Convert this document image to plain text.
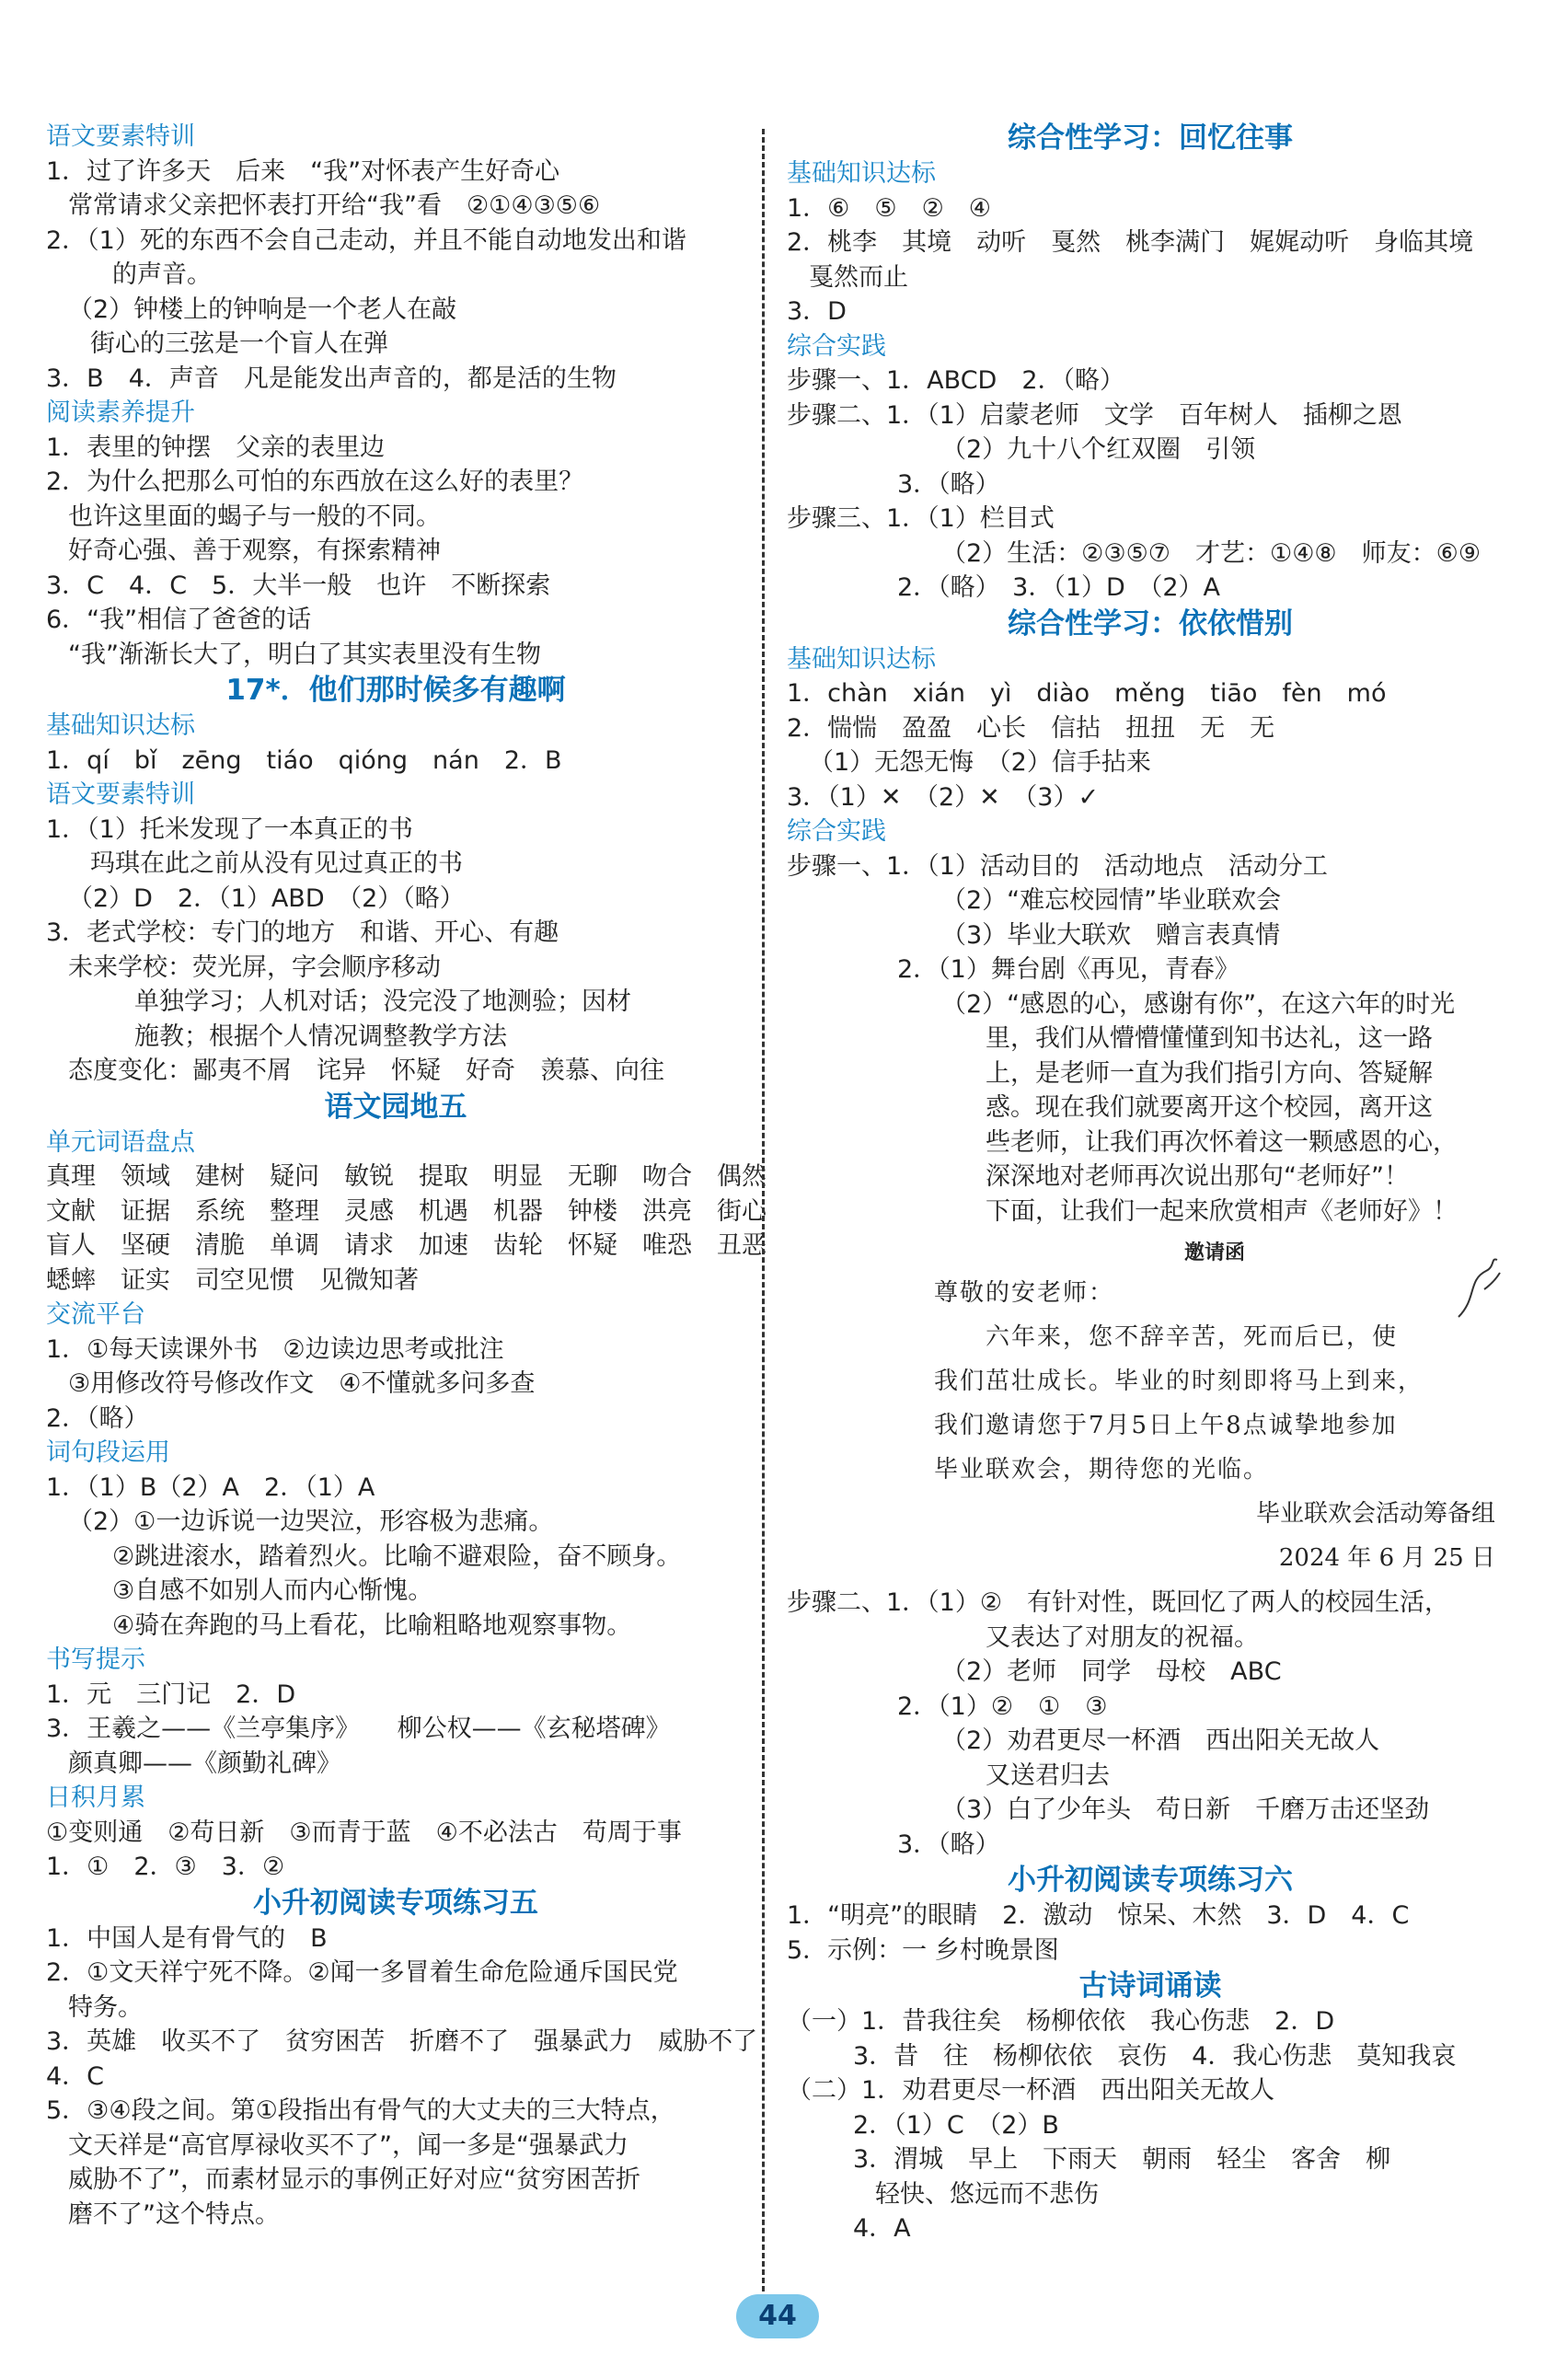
语文要素特训
1．过了许多天　后来　“我”对怀表产生好奇心
常常请求父亲把怀表打开给“我”看　②①④③⑤⑥
2．（1）死的东西不会自己走动，并且不能自动地发出和谐
的声音。
（2）钟楼上的钟响是一个老人在敲
街心的三弦是一个盲人在弹
3．B　4．声音　凡是能发出声音的，都是活的生物
阅读素养提升
1．表里的钟摆　父亲的表里边
2．为什么把那么可怕的东西放在这么好的表里？
也许这里面的蝎子与一般的不同。
好奇心强、善于观察，有探索精神
3．C　4．C　5．大半一般　也许　不断探索
6．“我”相信了爸爸的话
“我”渐渐长大了，明白了其实表里没有生物
17*．他们那时候多有趣啊
基础知识达标
1．qí　bǐ　zēng　tiáo　qióng　nán　2．B
语文要素特训
1．（1）托米发现了一本真正的书
玛琪在此之前从没有见过真正的书
（2）D　2．（1）ABD　（2）（略）
3．老式学校：专门的地方　和谐、开心、有趣
未来学校：荧光屏，字会顺序移动
单独学习；人机对话；没完没了地测验；因材
施教；根据个人情况调整教学方法
态度变化：鄙夷不屑　诧异　怀疑　好奇　羡慕、向往
语文园地五
单元词语盘点
真理　领域　建树　疑问　敏锐　提取　明显　无聊　吻合　偶然
文献　证据　系统　整理　灵感　机遇　机器　钟楼　洪亮　街心
盲人　坚硬　清脆　单调　请求　加速　齿轮　怀疑　唯恐　丑恶
蟋蟀　证实　司空见惯　见微知著
交流平台
1．①每天读课外书　②边读边思考或批注
③用修改符号修改作文　④不懂就多问多查
2．（略）
词句段运用
1．（1）B（2）A　2．（1）A
（2）①一边诉说一边哭泣，形容极为悲痛。
②跳进滚水，踏着烈火。比喻不避艰险，奋不顾身。
③自感不如别人而内心惭愧。
④骑在奔跑的马上看花，比喻粗略地观察事物。
书写提示
1．元　三门记　2．D
3．王羲之——《兰亭集序》　　柳公权——《玄秘塔碑》
颜真卿——《颜勤礼碑》
日积月累
①变则通　②苟日新　③而青于蓝　④不必法古　苟周于事
1．①　2．③　3．②
小升初阅读专项练习五
1．中国人是有骨气的　B
2．①文天祥宁死不降。②闻一多冒着生命危险通斥国民党
特务。
3．英雄　收买不了　贫穷困苦　折磨不了　强暴武力　威胁不了
4．C
5．③④段之间。第①段指出有骨气的大丈夫的三大特点，
文天祥是“高官厚禄收买不了”，闻一多是“强暴武力
威胁不了”，而素材显示的事例正好对应“贫穷困苦折
磨不了”这个特点。
综合性学习：回忆往事
基础知识达标
1．⑥　⑤　②　④
2．桃李　其境　动听　戛然　桃李满门　娓娓动听　身临其境
戛然而止
3．D
综合实践
步骤一、1．ABCD　2．（略）
步骤二、1．（1）启蒙老师　文学　百年树人　插柳之恩
（2）九十八个红双圈　引领
3．（略）
步骤三、1．（1）栏目式
（2）生活：②③⑤⑦　才艺：①④⑧　师友：⑥⑨
2．（略）　3．（1）D　（2）A
综合性学习：依依惜别
基础知识达标
1．chàn　xián　yì　diào　měng　tiāo　fèn　mó
2．惴惴　盈盈　心长　信拈　扭扭　无　无
（1）无怨无悔　（2）信手拈来
3．（1）✕　（2）✕　（3）✓
综合实践
步骤一、1．（1）活动目的　活动地点　活动分工
（2）“难忘校园情”毕业联欢会
（3）毕业大联欢　赠言表真情
2．（1）舞台剧《再见，青春》
（2）“感恩的心，感谢有你”，在这六年的时光
里，我们从懵懵懂懂到知书达礼，这一路
上，是老师一直为我们指引方向、答疑解
惑。现在我们就要离开这个校园，离开这
些老师，让我们再次怀着这一颗感恩的心，
深深地对老师再次说出那句“老师好”！
下面，让我们一起来欣赏相声《老师好》！
邀请函
尊敬的安老师：
　　六年来，您不辞辛苦，死而后已，使
我们茁壮成长。毕业的时刻即将马上到来，
我们邀请您于7月5日上午8点诚挚地参加
毕业联欢会，期待您的光临。
毕业联欢会活动筹备组
2024 年 6 月 25 日
步骤二、1．（1）②　有针对性，既回忆了两人的校园生活，
又表达了对朋友的祝福。
（2）老师　同学　母校　ABC
2．（1）②　①　③
（2）劝君更尽一杯酒　西出阳关无故人
又送君归去
（3）白了少年头　苟日新　千磨万击还坚劲
3．（略）
小升初阅读专项练习六
1．“明亮”的眼睛　2．激动　惊呆、木然　3．D　4．C
5．示例：一 乡村晚景图
古诗词诵读
（一）1．昔我往矣　杨柳依依　我心伤悲　2．D
3．昔　往　杨柳依依　哀伤　4．我心伤悲　莫知我哀
（二）1．劝君更尽一杯酒　西出阳关无故人
2．（1）C　（2）B
3．渭城　早上　下雨天　朝雨　轻尘　客舍　柳
轻快、悠远而不悲伤
4．A
44
